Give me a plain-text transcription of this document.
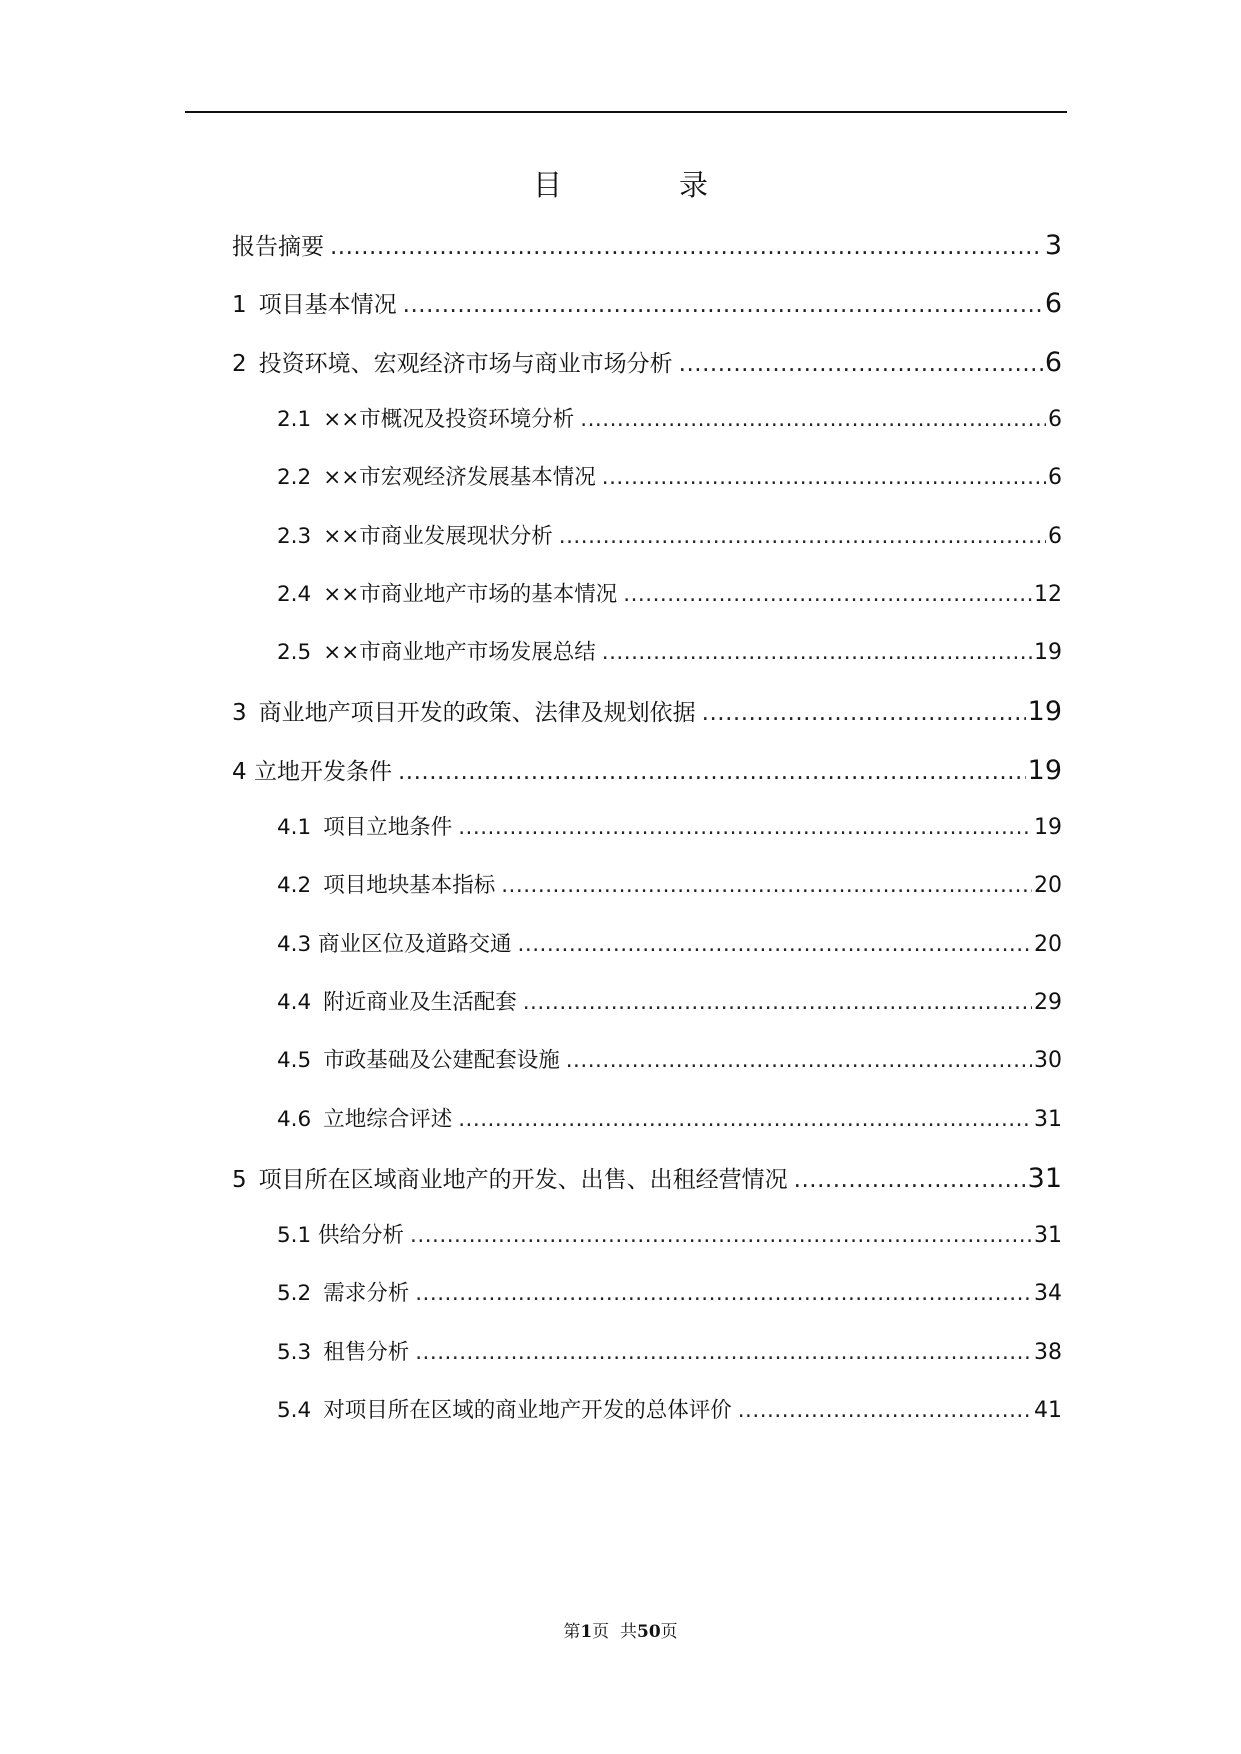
目　录
报告摘要 .....	3
1 项目基本情况 .....	6
2 投资环境、宏观经济市场与商业市场分析 .....	6
2.1 ××市概况及投资环境分析 .....	6
2.2 ××市宏观经济发展基本情况 .....	6
2.3 ××市商业发展现状分析 .....	6
2.4 ××市商业地产市场的基本情况 .....	12
2.5 ××市商业地产市场发展总结 .....	19
3 商业地产项目开发的政策、法律及规划依据 .....	19
4 立地开发条件 .....	19
4.1 项目立地条件 .....	19
4.2 项目地块基本指标 .....	20
4.3 商业区位及道路交通 .....	20
4.4 附近商业及生活配套 .....	29
4.5 市政基础及公建配套设施 .....	30
4.6 立地综合评述 .....	31
5 项目所在区域商业地产的开发、出售、出租经营情况 .....	31
5.1 供给分析 .....	31
5.2 需求分析 .....	34
5.3 租售分析 .....	38
5.4 对项目所在区域的商业地产开发的总体评价 .....	41
第1页  共50页
